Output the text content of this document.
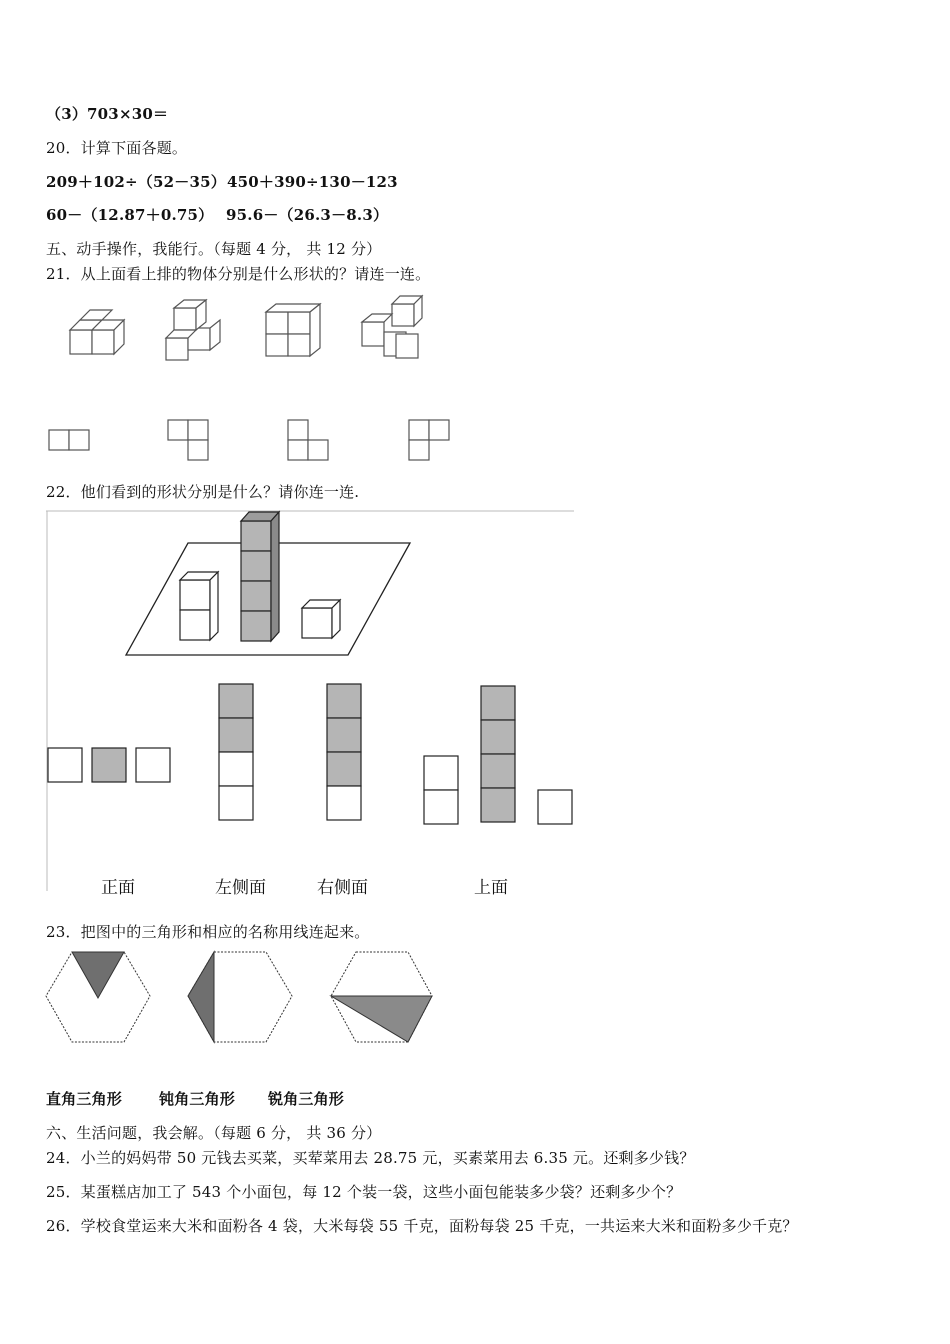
（3）703×30＝
20．计算下面各题。
209＋102÷（52－35） 450＋390÷130－123
60－（12.87＋0.75） 95.6－（26.3－8.3）
五、动手操作，我能行。（每题 4 分， 共 12 分）
21．从上面看上排的物体分别是什么形状的？请连一连。
22．他们看到的形状分别是什么？请你连一连.
正面	左侧面	右侧面	上面
23．把图中的三角形和相应的名称用线连起来。
直角三角形 钝角三角形 锐角三角形
六、生活问题，我会解。（每题 6 分， 共 36 分）
24．小兰的妈妈带 50 元钱去买菜，买荤菜用去 28.75 元，买素菜用去 6.35 元。还剩多少钱？
25．某蛋糕店加工了 543 个小面包，每 12 个装一袋，这些小面包能装多少袋？还剩多少个？
26．学校食堂运来大米和面粉各 4 袋，大米每袋 55 千克，面粉每袋 25 千克，一共运来大米和面粉多少千克？
